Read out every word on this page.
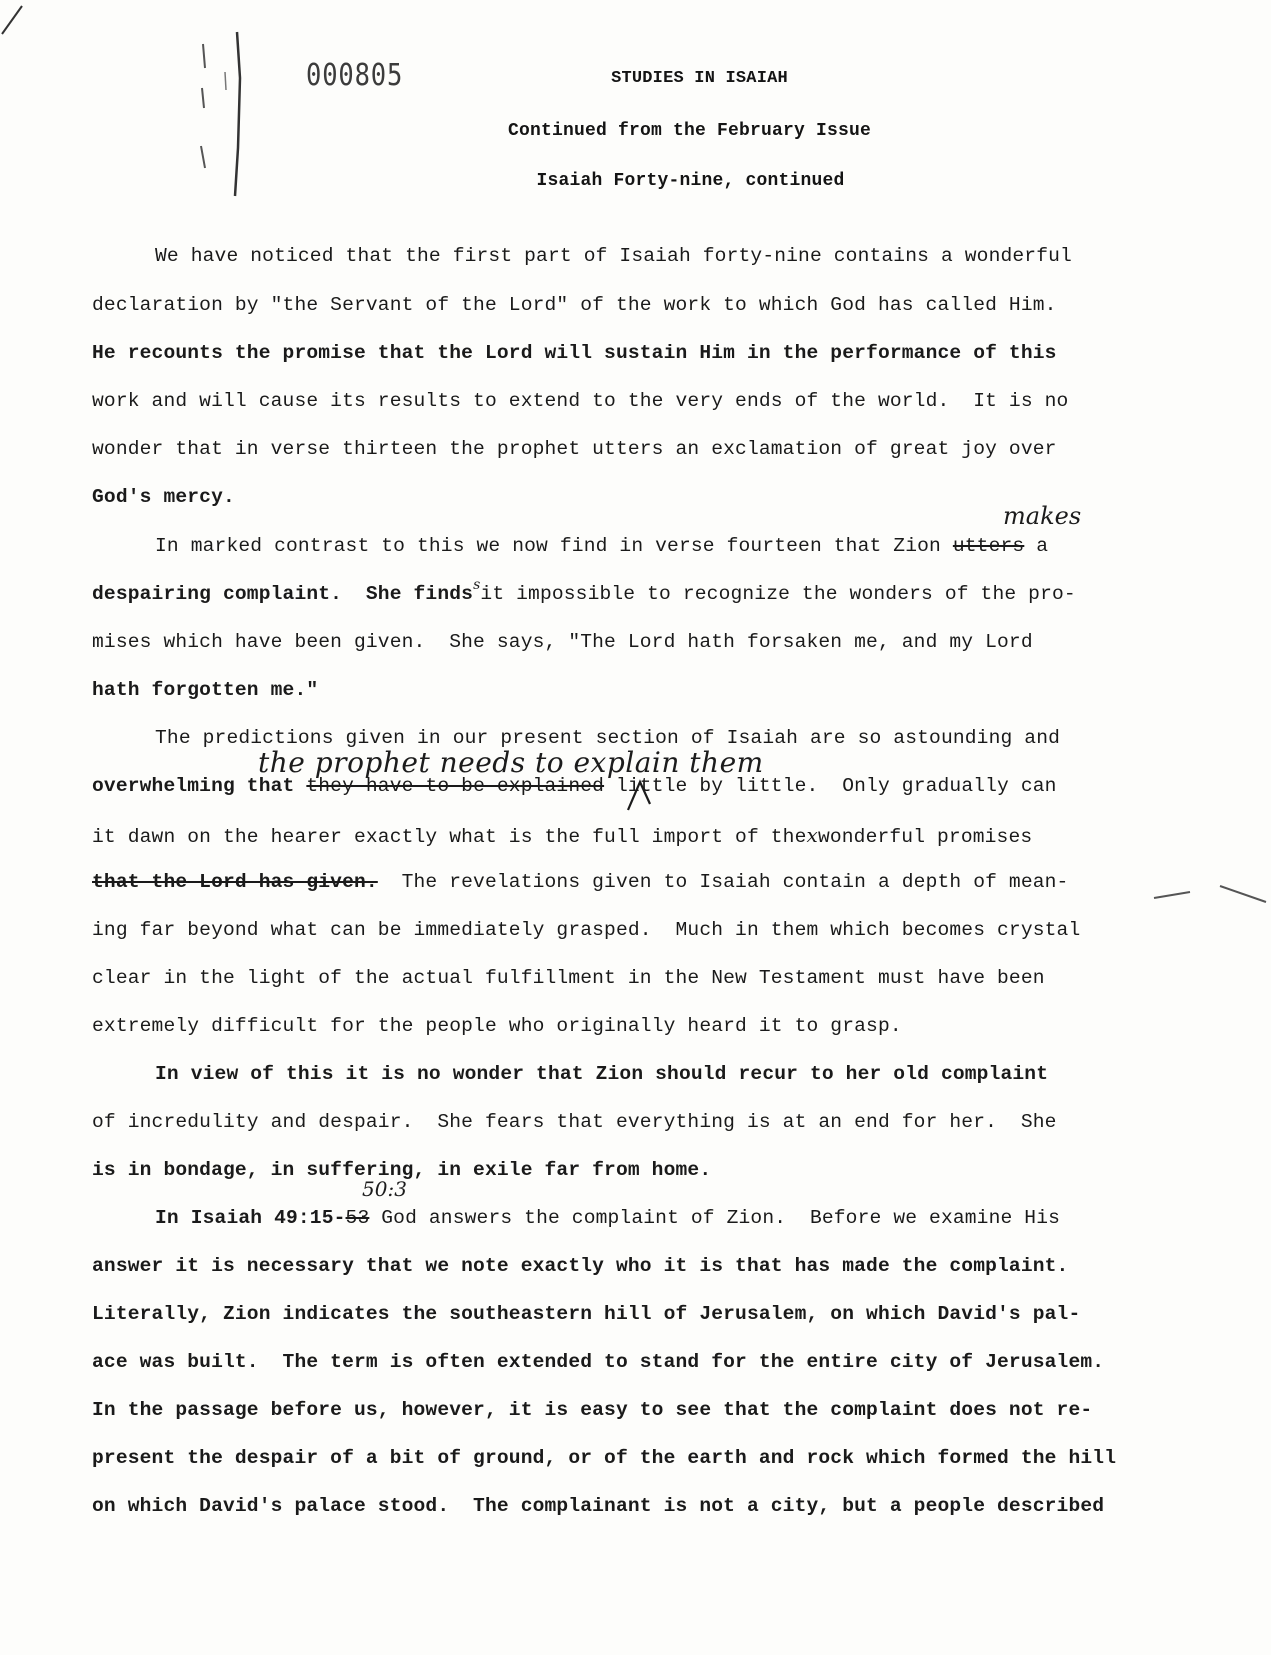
000805	STUDIES IN ISAIAH
Continued from the February Issue
Isaiah Forty-nine, continued
We have noticed that the first part of Isaiah forty-nine contains a wonderful
declaration by "the Servant of the Lord" of the work to which God has called Him.
He recounts the promise that the Lord will sustain Him in the performance of this
work and will cause its results to extend to the very ends of the world.  It is no
wonder that in verse thirteen the prophet utters an exclamation of great joy over
God's mercy.
In marked contrast to this we now find in verse fourteen that Zion utters a
makes
despairing complaint.  She finds$^s$it impossible to recognize the wonders of the pro-
mises which have been given.  She says, "The Lord hath forsaken me, and my Lord
hath forgotten me."
The predictions given in our present section of Isaiah are so astounding and
the prophet needs to explain them
overwhelming that they have to be explained little by little.  Only gradually can
it dawn on the hearer exactly what is the full import of thexwonderful promises
that the Lord has given.  The revelations given to Isaiah contain a depth of mean-
ing far beyond what can be immediately grasped.  Much in them which becomes crystal
clear in the light of the actual fulfillment in the New Testament must have been
extremely difficult for the people who originally heard it to grasp.
In view of this it is no wonder that Zion should recur to her old complaint
of incredulity and despair.  She fears that everything is at an end for her.  She
is in bondage, in suffering, in exile far from home.
50:3
In Isaiah 49:15-53 God answers the complaint of Zion.  Before we examine His
answer it is necessary that we note exactly who it is that has made the complaint.
Literally, Zion indicates the southeastern hill of Jerusalem, on which David's pal-
ace was built.  The term is often extended to stand for the entire city of Jerusalem.
In the passage before us, however, it is easy to see that the complaint does not re-
present the despair of a bit of ground, or of the earth and rock which formed the hill
on which David's palace stood.  The complainant is not a city, but a people described
